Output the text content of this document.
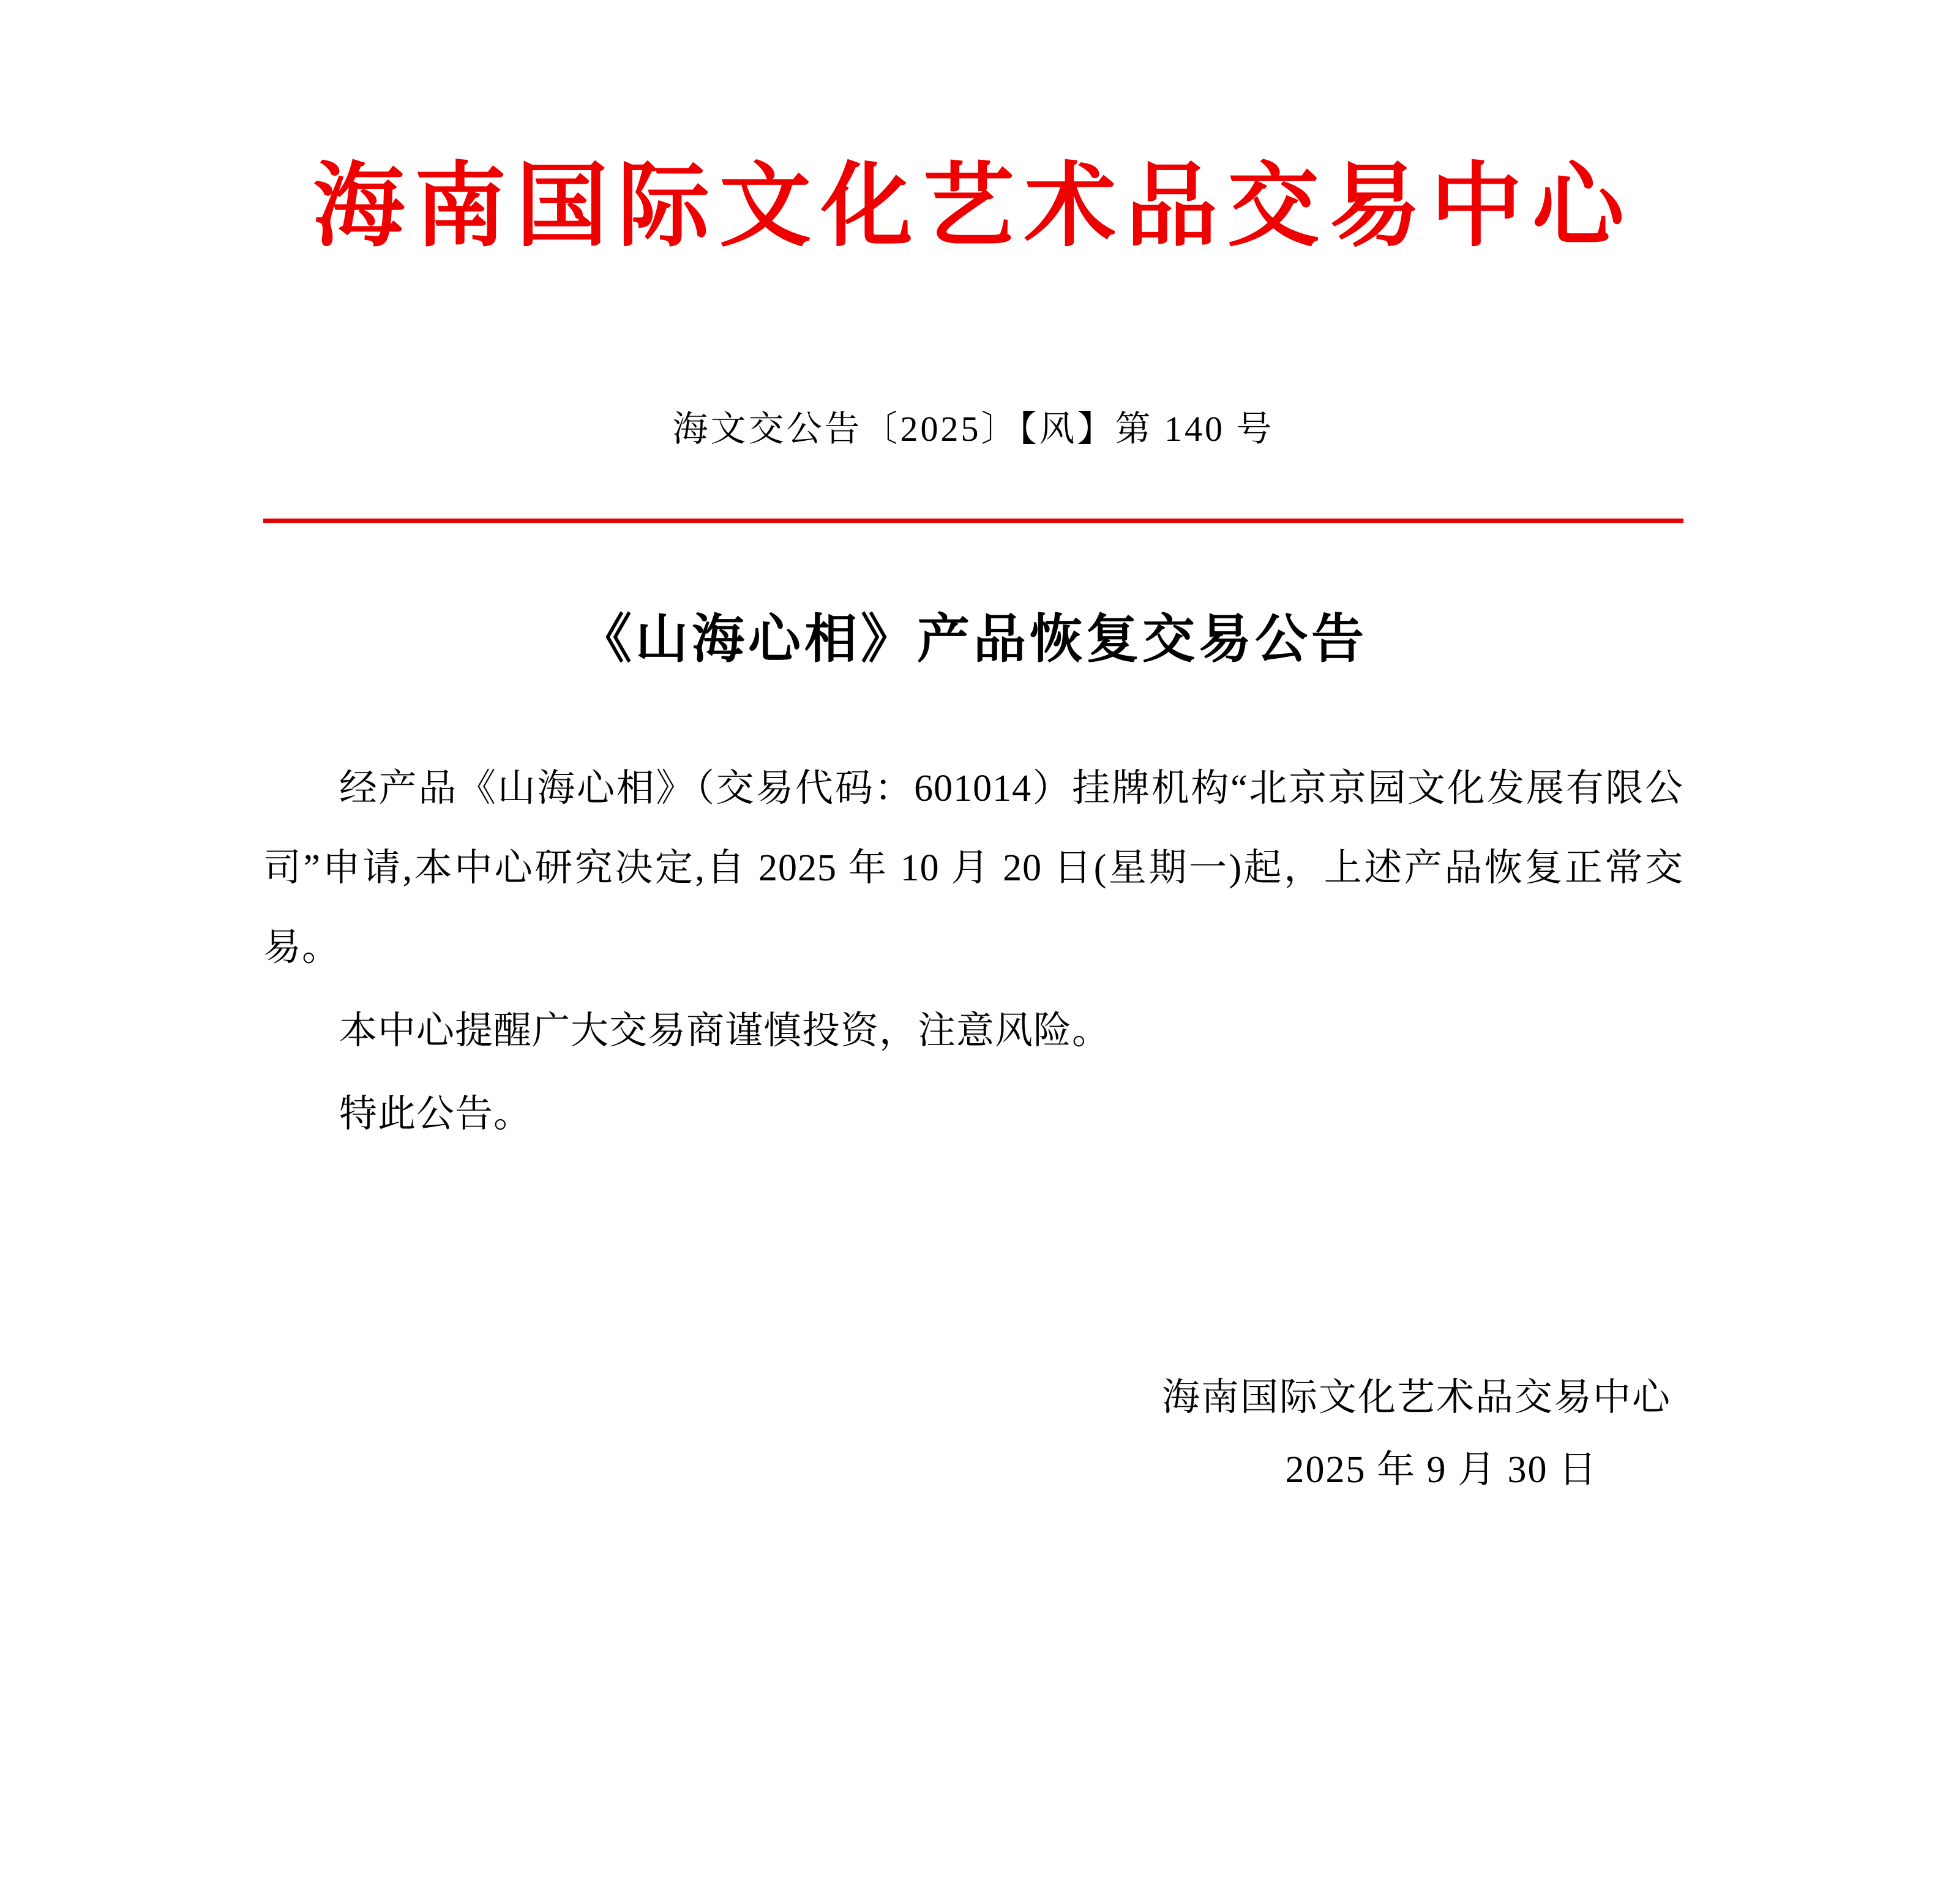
海南国际文化艺术品交易中心
海文交公告〔2025〕【风】第 140 号
《山海心相》产品恢复交易公告
经产品《山海心相》（交易代码：601014）挂牌机构“北京京园文化发展有限公司”申请,本中心研究决定,自 2025 年 10 月 20 日(星期一)起，上述产品恢复正常交易。
本中心提醒广大交易商谨慎投资，注意风险。
特此公告。
海南国际文化艺术品交易中心
2025 年 9 月 30 日
